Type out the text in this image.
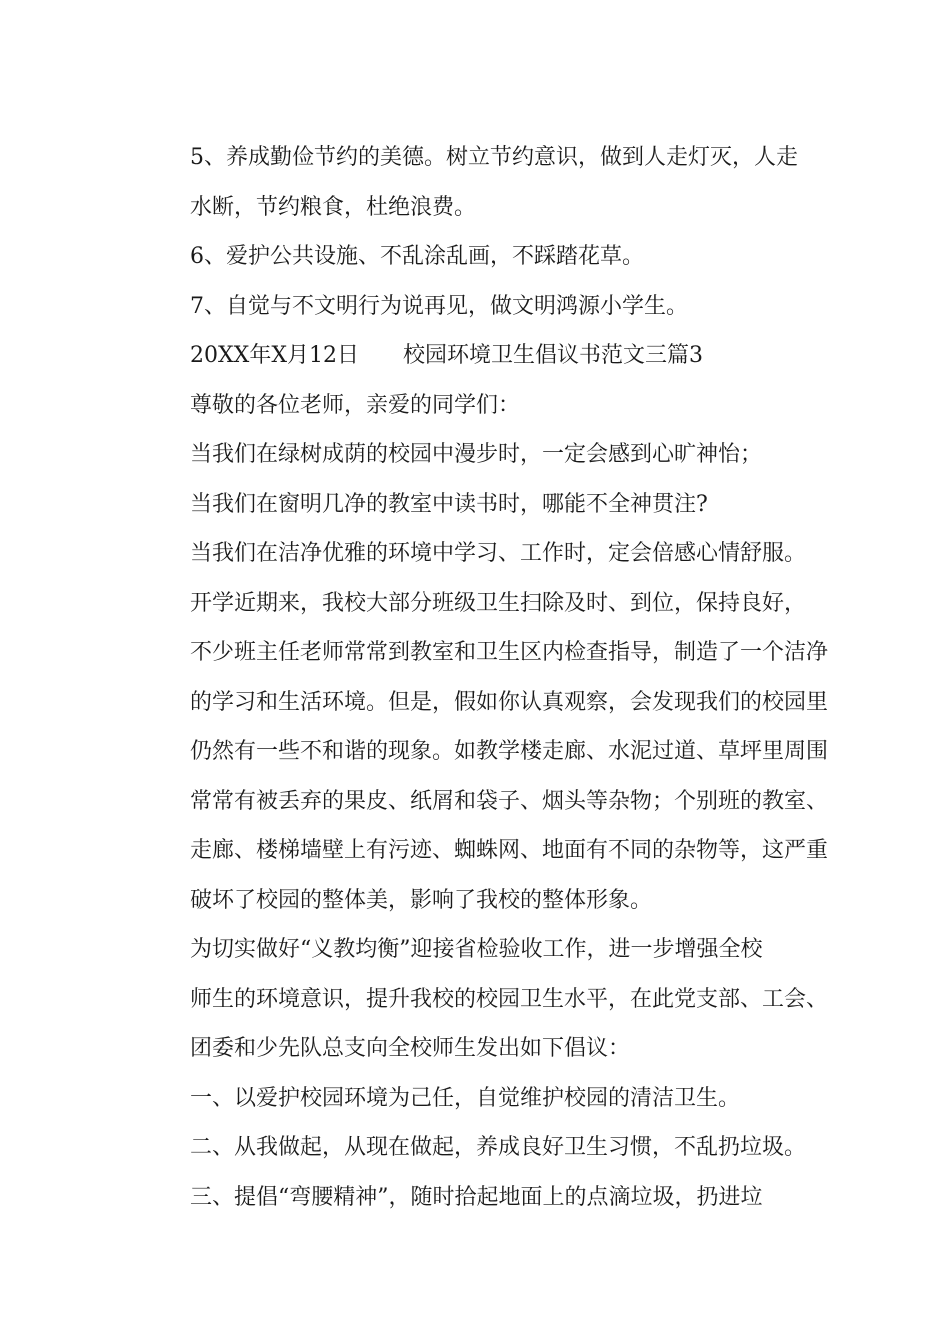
5、养成勤俭节约的美德。树立节约意识，做到人走灯灭，人走
水断，节约粮食，杜绝浪费。

6、爱护公共设施、不乱涂乱画，不踩踏花草。

7、自觉与不文明行为说再见，做文明鸿源小学生。

20XX年X月12日 校园环境卫生倡议书范文三篇3

尊敬的各位老师，亲爱的同学们：

当我们在绿树成荫的校园中漫步时，一定会感到心旷神怡；

当我们在窗明几净的教室中读书时，哪能不全神贯注?

当我们在洁净优雅的环境中学习、工作时，定会倍感心情舒服。

开学近期来，我校大部分班级卫生扫除及时、到位，保持良好，
不少班主任老师常常到教室和卫生区内检查指导，制造了一个洁净
的学习和生活环境。但是，假如你认真观察，会发现我们的校园里
仍然有一些不和谐的现象。如教学楼走廊、水泥过道、草坪里周围
常常有被丢弃的果皮、纸屑和袋子、烟头等杂物；个别班的教室、
走廊、楼梯墙壁上有污迹、蜘蛛网、地面有不同的杂物等，这严重
破坏了校园的整体美，影响了我校的整体形象。

为切实做好“义教均衡”迎接省检验收工作，进一步增强全校
师生的环境意识，提升我校的校园卫生水平，在此党支部、工会、
团委和少先队总支向全校师生发出如下倡议：

一、以爱护校园环境为己任，自觉维护校园的清洁卫生。

二、从我做起，从现在做起，养成良好卫生习惯，不乱扔垃圾。

三、提倡“弯腰精神”，随时拾起地面上的点滴垃圾，扔进垃
